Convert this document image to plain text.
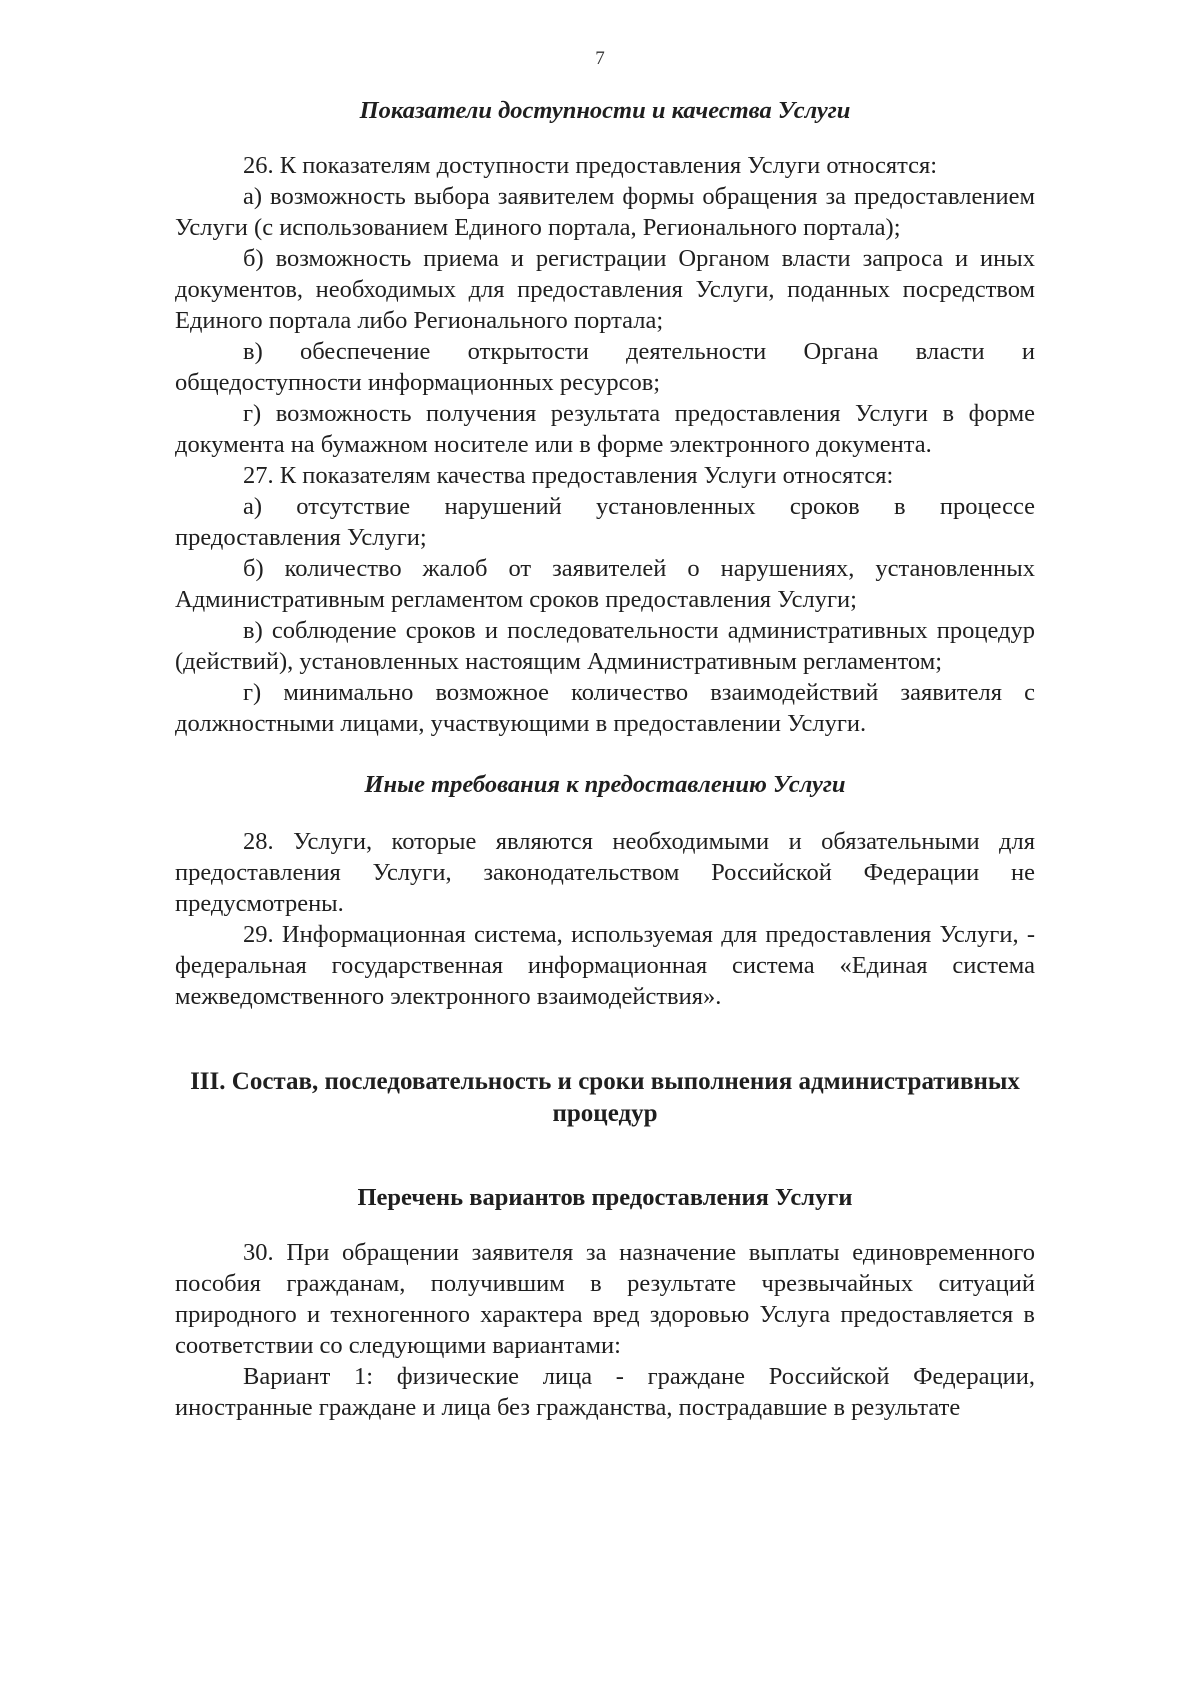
7
Показатели доступности и качества Услуги

26. К показателям доступности предоставления Услуги относятся:

а) возможность выбора заявителем формы обращения за предоставлением Услуги (с использованием Единого портала, Регионального портала);

б) возможность приема и регистрации Органом власти запроса и иных документов, необходимых для предоставления Услуги, поданных посредством Единого портала либо Регионального портала;

в) обеспечение открытости деятельности Органа власти и общедоступности информационных ресурсов;

г) возможность получения результата предоставления Услуги в форме документа на бумажном носителе или в форме электронного документа.

27. К показателям качества предоставления Услуги относятся:

а) отсутствие нарушений установленных сроков в процессе предоставления Услуги;

б) количество жалоб от заявителей о нарушениях, установленных Административным регламентом сроков предоставления Услуги;

в) соблюдение сроков и последовательности административных процедур (действий), установленных настоящим Административным регламентом;

г) минимально возможное количество взаимодействий заявителя с должностными лицами, участвующими в предоставлении Услуги.

Иные требования к предоставлению Услуги

28. Услуги, которые являются необходимыми и обязательными для предоставления Услуги, законодательством Российской Федерации не предусмотрены.

29. Информационная система, используемая для предоставления Услуги, - федеральная государственная информационная система «Единая система межведомственного электронного взаимодействия».

III. Состав, последовательность и сроки выполнения административных
процедур
Перечень вариантов предоставления Услуги

30. При обращении заявителя за назначение выплаты единовременного пособия гражданам, получившим в результате чрезвычайных ситуаций природного и техногенного характера вред здоровью Услуга предоставляется в соответствии со следующими вариантами:

Вариант 1: физические лица - граждане Российской Федерации, иностранные граждане и лица без гражданства, пострадавшие в результате
